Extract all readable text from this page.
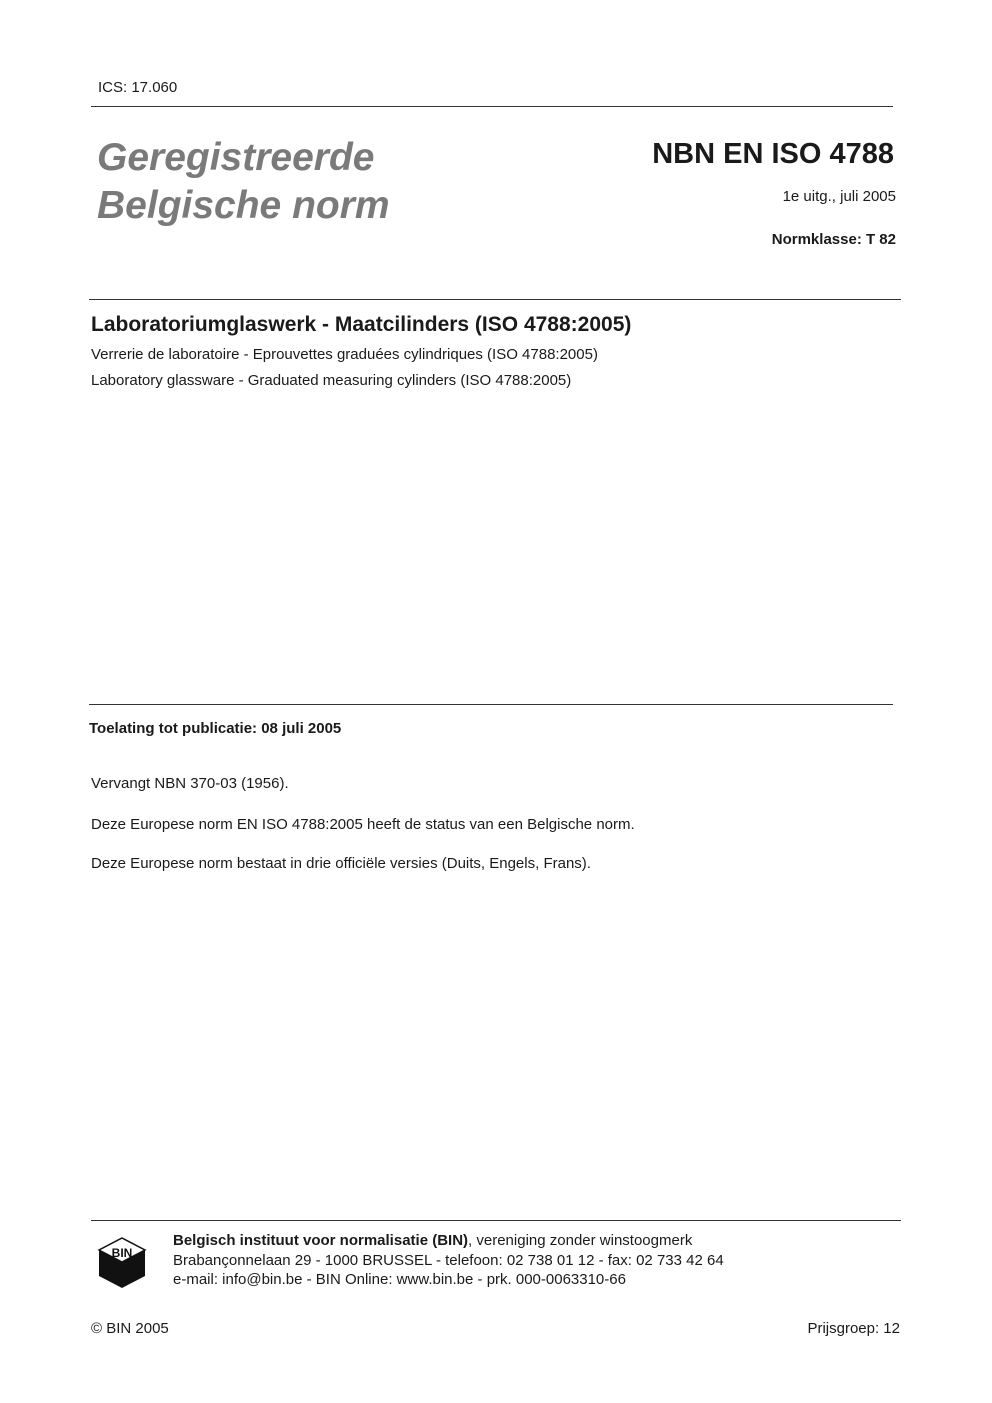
ICS: 17.060
Geregistreerde
Belgische norm
NBN EN ISO 4788
1e uitg., juli 2005
Normklasse: T 82
Laboratoriumglaswerk - Maatcilinders (ISO 4788:2005)
Verrerie de laboratoire - Eprouvettes graduées cylindriques (ISO 4788:2005)
Laboratory glassware - Graduated measuring cylinders (ISO 4788:2005)
Toelating tot publicatie: 08 juli 2005
Vervangt NBN 370-03 (1956).
Deze Europese norm EN ISO 4788:2005 heeft de status van een Belgische norm.
Deze Europese norm bestaat in drie officiële versies (Duits, Engels, Frans).
BIN
Belgisch instituut voor normalisatie (BIN), vereniging zonder winstoogmerk
Brabançonnelaan 29 - 1000 BRUSSEL - telefoon: 02 738 01 12 - fax: 02 733 42 64
e-mail: info@bin.be - BIN Online: www.bin.be - prk. 000-0063310-66
© BIN 2005	Prijsgroep: 12
